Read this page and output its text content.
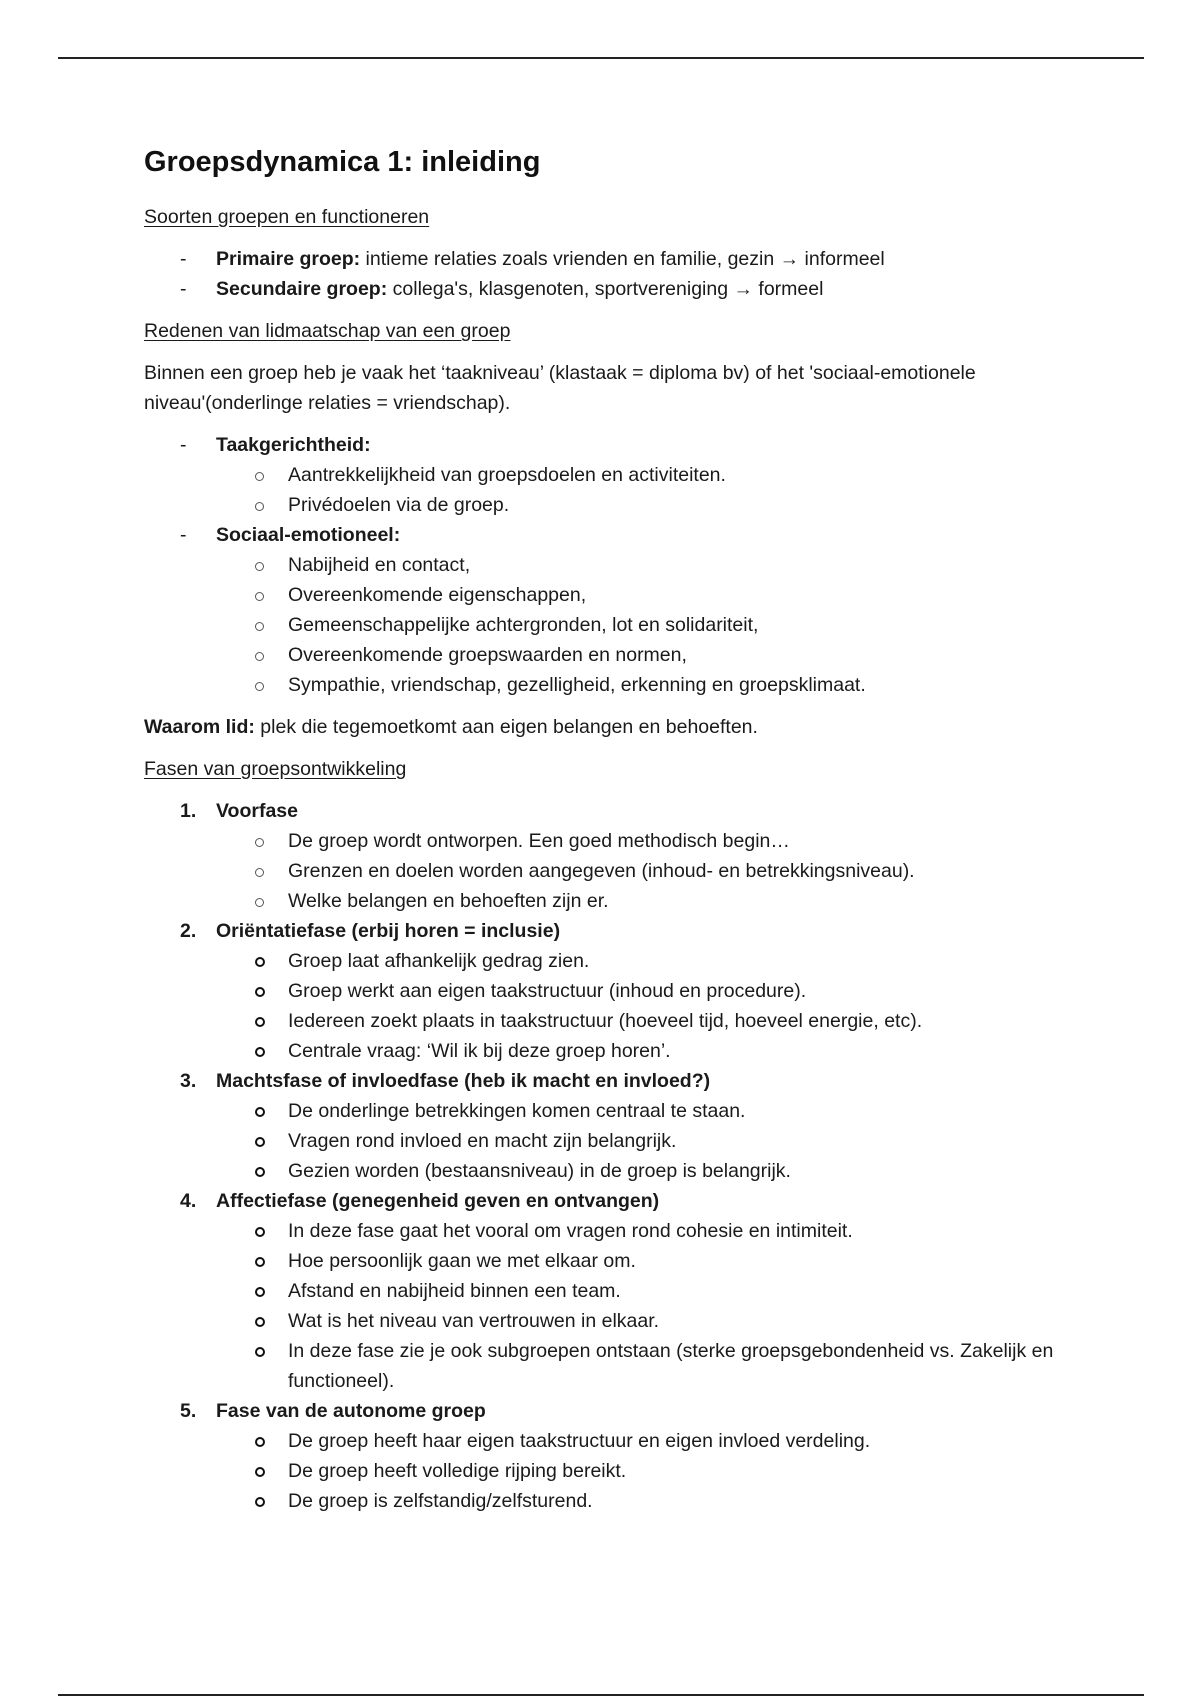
Groepsdynamica 1: inleiding
Soorten groepen en functioneren
-	Primaire groep: intieme relaties zoals vrienden en familie, gezin → informeel
-	Secundaire groep: collega's, klasgenoten, sportvereniging → formeel
Redenen van lidmaatschap van een groep

Binnen een groep heb je vaak het ‘taakniveau’ (klastaak = diploma bv) of het 'sociaal-emotionele niveau'(onderlinge relaties = vriendschap).

-	Taakgerichtheid:
Aantrekkelijkheid van groepsdoelen en activiteiten.
Privédoelen via de groep.
-	Sociaal-emotioneel:
Nabijheid en contact,
Overeenkomende eigenschappen,
Gemeenschappelijke achtergronden, lot en solidariteit,
Overeenkomende groepswaarden en normen,
Sympathie, vriendschap, gezelligheid, erkenning en groepsklimaat.

Waarom lid: plek die tegemoetkomt aan eigen belangen en behoeften.

Fasen van groepsontwikkeling
1.	Voorfase
De groep wordt ontworpen. Een goed methodisch begin…
Grenzen en doelen worden aangegeven (inhoud- en betrekkingsniveau).
Welke belangen en behoeften zijn er.
2.	Oriëntatiefase (erbij horen = inclusie)
Groep laat afhankelijk gedrag zien.
Groep werkt aan eigen taakstructuur (inhoud en procedure).
Iedereen zoekt plaats in taakstructuur (hoeveel tijd, hoeveel energie, etc).
Centrale vraag: ‘Wil ik bij deze groep horen’.
3.	Machtsfase of invloedfase (heb ik macht en invloed?)
De onderlinge betrekkingen komen centraal te staan.
Vragen rond invloed en macht zijn belangrijk.
Gezien worden (bestaansniveau) in de groep is belangrijk.
4.	Affectiefase (genegenheid geven en ontvangen)
In deze fase gaat het vooral om vragen rond cohesie en intimiteit.
Hoe persoonlijk gaan we met elkaar om.
Afstand en nabijheid binnen een team.
Wat is het niveau van vertrouwen in elkaar.
In deze fase zie je ook subgroepen ontstaan (sterke groepsgebondenheid vs. Zakelijk en functioneel).
5.	Fase van de autonome groep
De groep heeft haar eigen taakstructuur en eigen invloed verdeling.
De groep heeft volledige rijping bereikt.
De groep is zelfstandig/zelfsturend.
